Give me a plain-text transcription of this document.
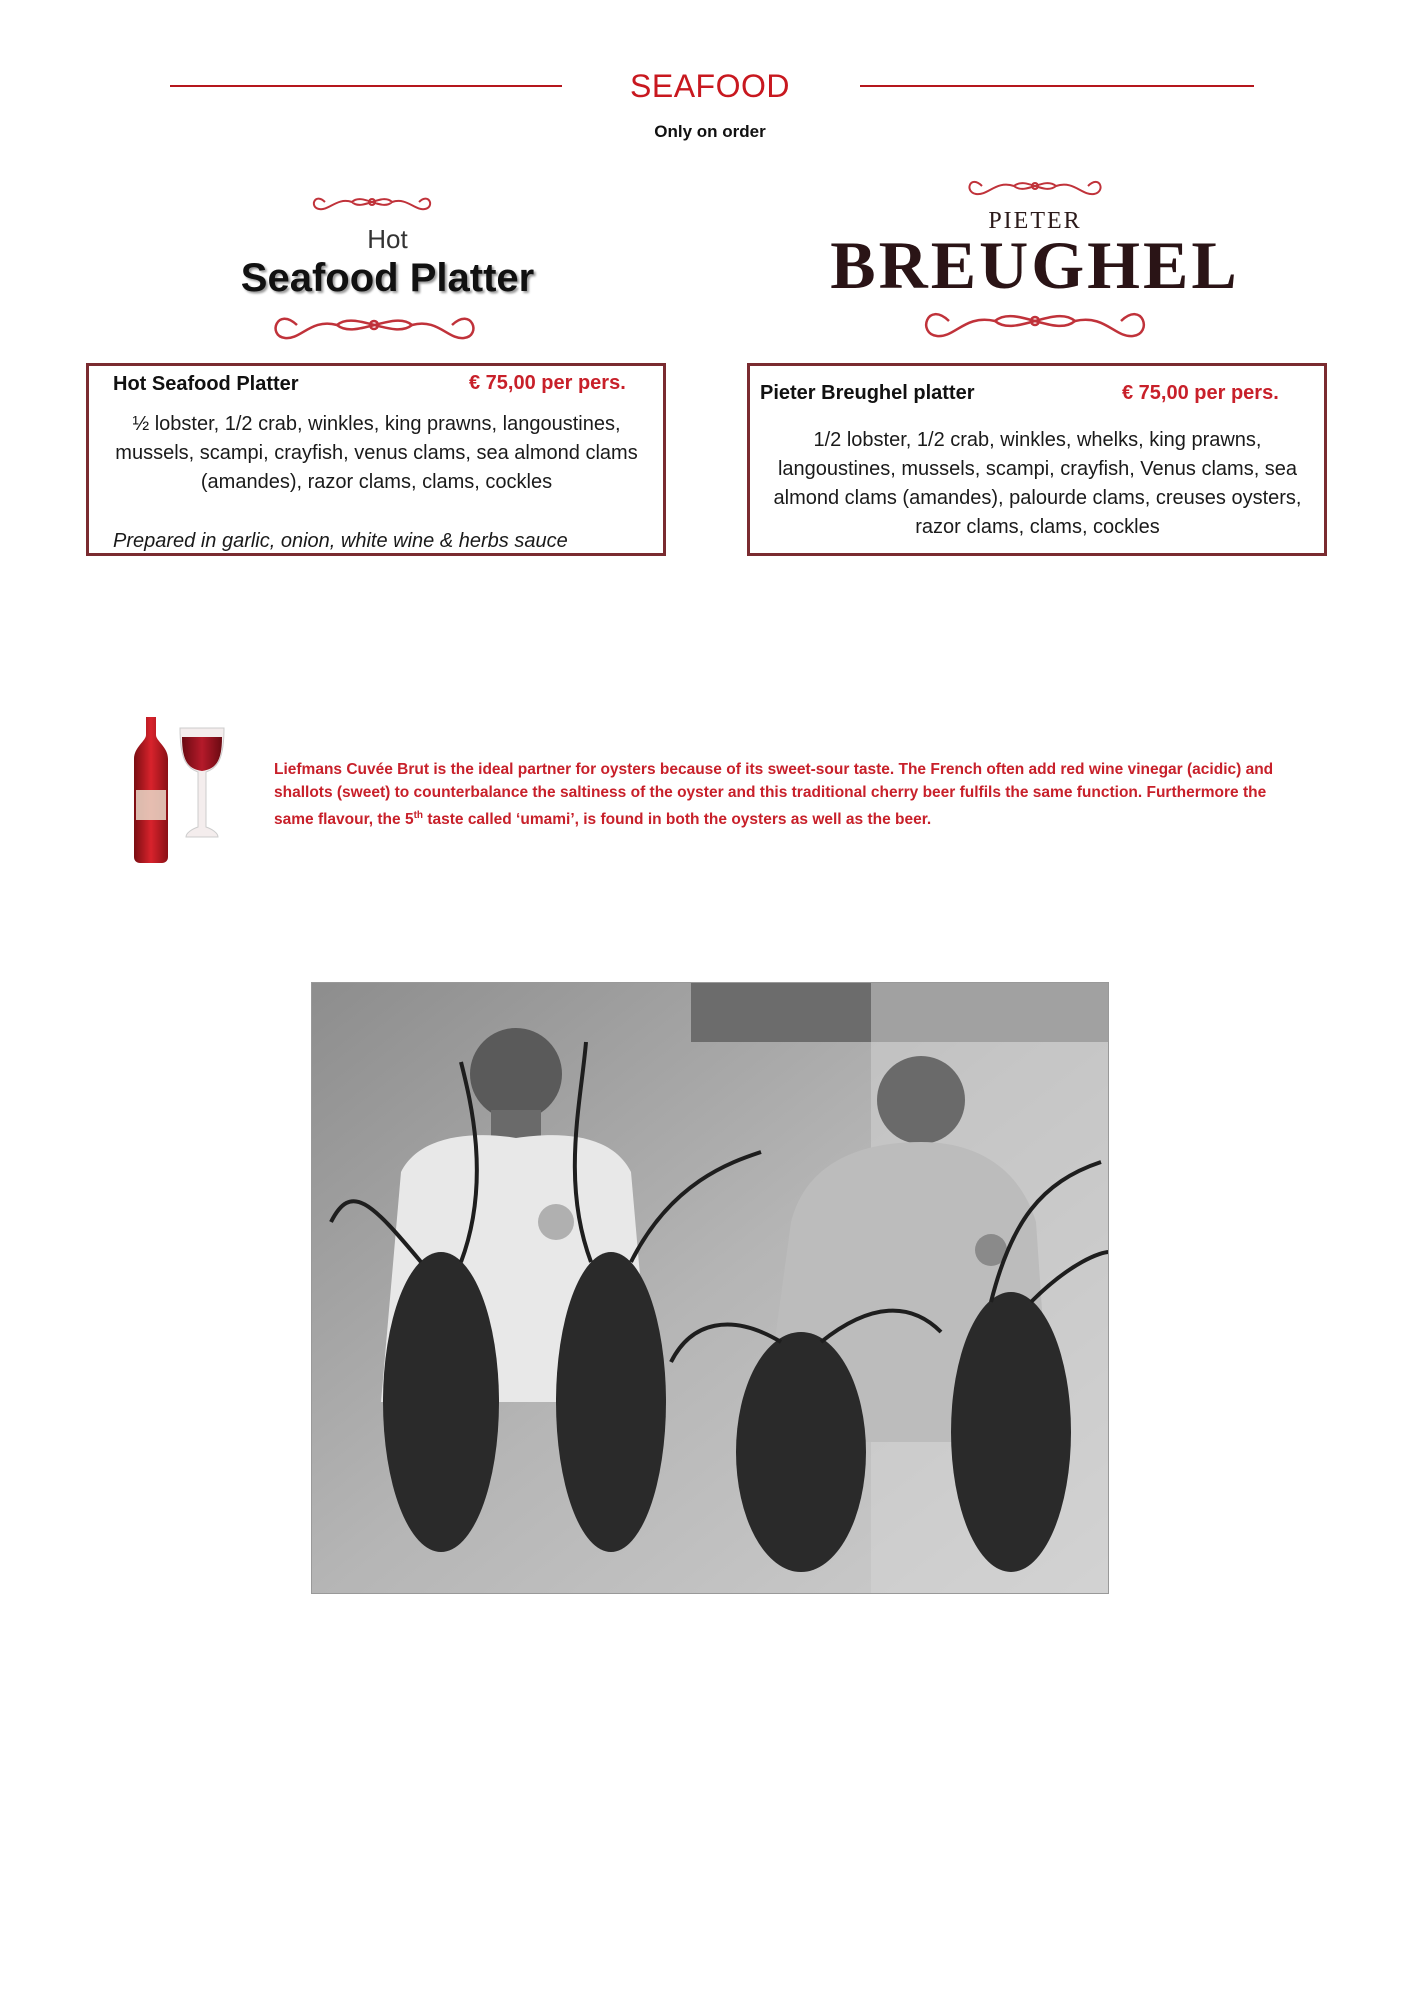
SEAFOOD
Only on order
Hot
Seafood Platter
PIETER
BREUGHEL
Hot Seafood Platter	€ 75,00 per pers.
½ lobster, 1/2 crab, winkles, king prawns, langoustines, mussels, scampi, crayfish, venus clams, sea almond clams (amandes), razor clams, clams, cockles
Prepared in garlic, onion, white wine & herbs sauce
Pieter Breughel platter	€ 75,00 per pers.
1/2 lobster, 1/2 crab, winkles, whelks, king prawns, langoustines, mussels, scampi, crayfish, Venus clams, sea almond clams (amandes), palourde clams, creuses oysters, razor clams, clams, cockles
Liefmans Cuvée Brut is the ideal partner for oysters because of its sweet-sour taste. The French often add red wine vinegar (acidic) and shallots (sweet) to counterbalance the saltiness of the oyster and this traditional cherry beer fulfils the same function. Furthermore the same flavour, the 5th taste called ‘umami’, is found in both the oysters as well as the beer.
